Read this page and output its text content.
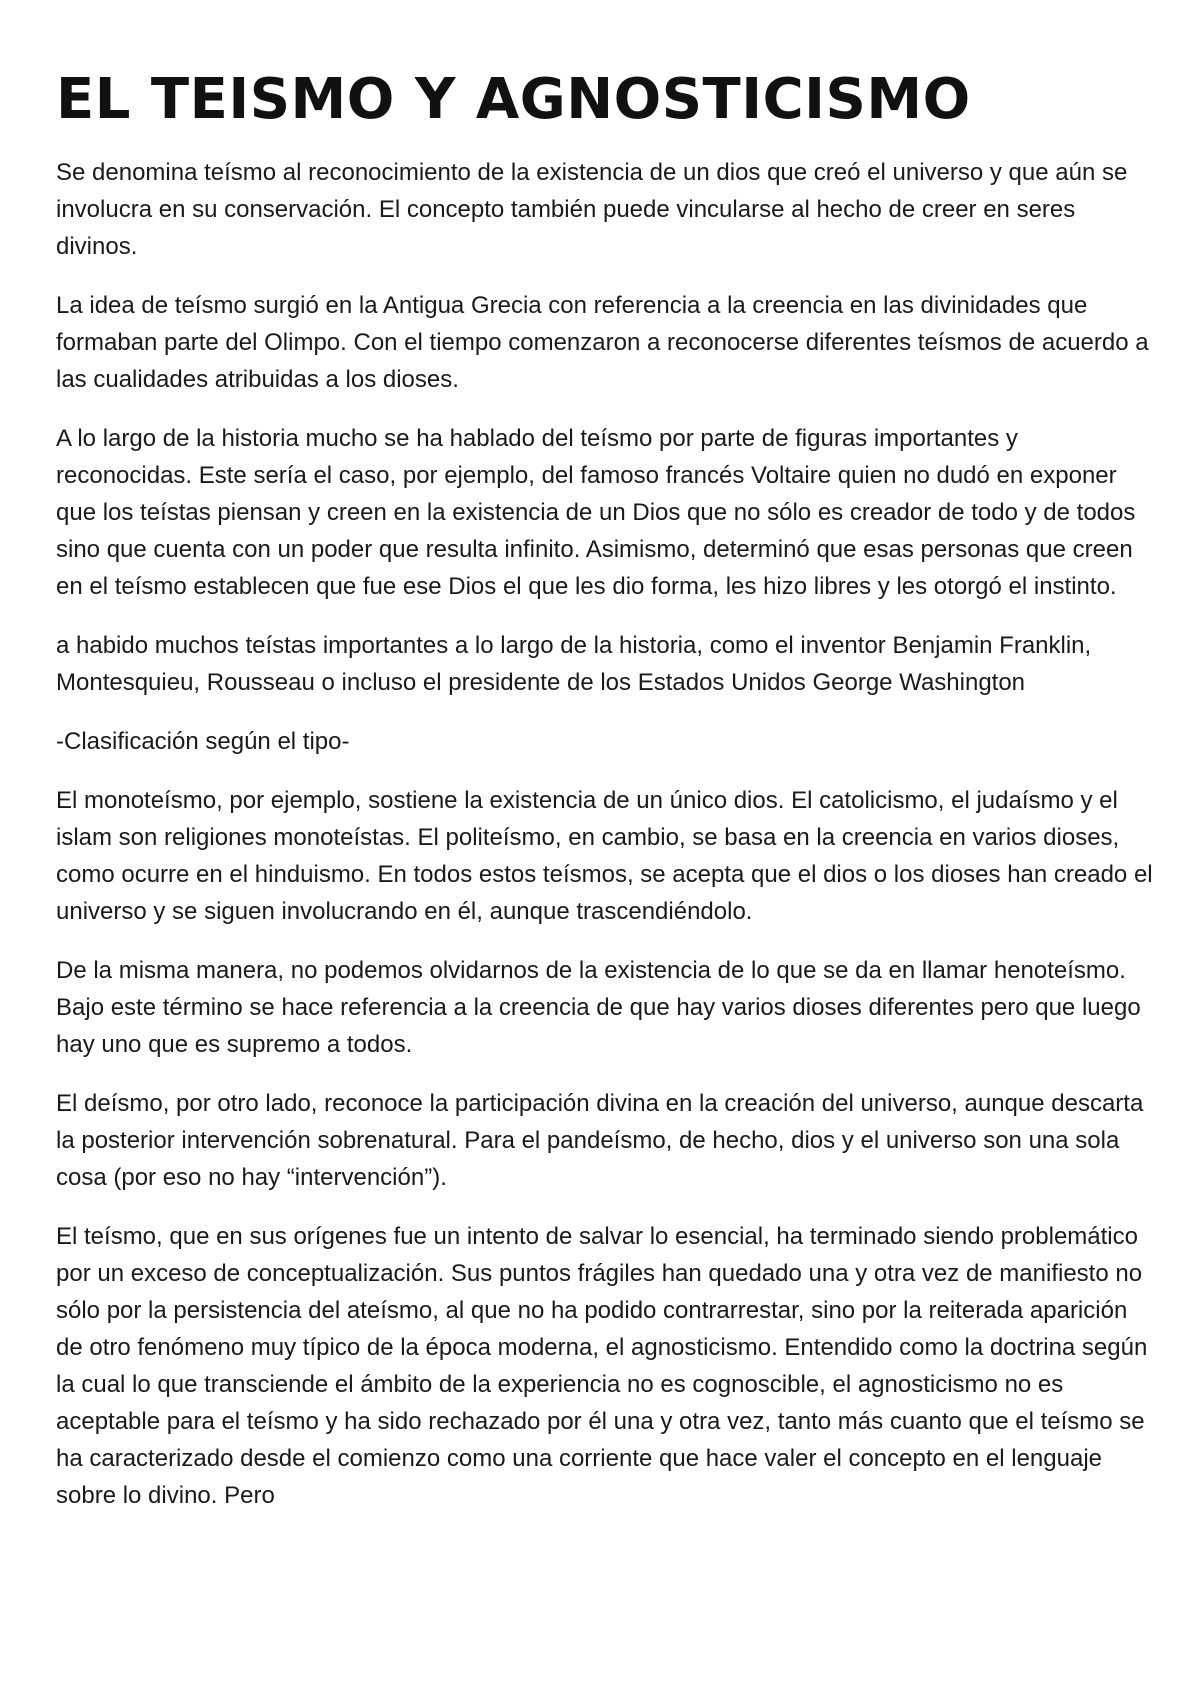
EL TEISMO Y AGNOSTICISMO

Se denomina teísmo al reconocimiento de la existencia de un dios que creó el universo y que aún se involucra en su conservación. El concepto también puede vincularse al hecho de creer en seres divinos.

La idea de teísmo surgió en la Antigua Grecia con referencia a la creencia en las divinidades que formaban parte del Olimpo. Con el tiempo comenzaron a reconocerse diferentes teísmos de acuerdo a las cualidades atribuidas a los dioses.

A lo largo de la historia mucho se ha hablado del teísmo por parte de figuras importantes y reconocidas. Este sería el caso, por ejemplo, del famoso francés Voltaire quien no dudó en exponer que los teístas piensan y creen en la existencia de un Dios que no sólo es creador de todo y de todos sino que cuenta con un poder que resulta infinito. Asimismo, determinó que esas personas que creen en el teísmo establecen que fue ese Dios el que les dio forma, les hizo libres y les otorgó el instinto.

a habido muchos teístas importantes a lo largo de la historia, como el inventor Benjamin Franklin, Montesquieu, Rousseau o incluso el presidente de los Estados Unidos George Washington

-Clasificación según el tipo-

El monoteísmo, por ejemplo, sostiene la existencia de un único dios. El catolicismo, el judaísmo y el islam son religiones monoteístas. El politeísmo, en cambio, se basa en la creencia en varios dioses, como ocurre en el hinduismo. En todos estos teísmos, se acepta que el dios o los dioses han creado el universo y se siguen involucrando en él, aunque trascendiéndolo.

De la misma manera, no podemos olvidarnos de la existencia de lo que se da en llamar henoteísmo. Bajo este término se hace referencia a la creencia de que hay varios dioses diferentes pero que luego hay uno que es supremo a todos.

El deísmo, por otro lado, reconoce la participación divina en la creación del universo, aunque descarta la posterior intervención sobrenatural. Para el pandeísmo, de hecho, dios y el universo son una sola cosa (por eso no hay “intervención”).

El teísmo, que en sus orígenes fue un intento de salvar lo esencial, ha terminado siendo problemático por un exceso de conceptualización. Sus puntos frágiles han quedado una y otra vez de manifiesto no sólo por la persistencia del ateísmo, al que no ha podido contrarrestar, sino por la reiterada aparición de otro fenómeno muy típico de la época moderna, el agnosticismo. Entendido como la doctrina según la cual lo que transciende el ámbito de la experiencia no es cognoscible, el agnosticismo no es aceptable para el teísmo y ha sido rechazado por él una y otra vez, tanto más cuanto que el teísmo se ha caracterizado desde el comienzo como una corriente que hace valer el concepto en el lenguaje sobre lo divino. Pero
